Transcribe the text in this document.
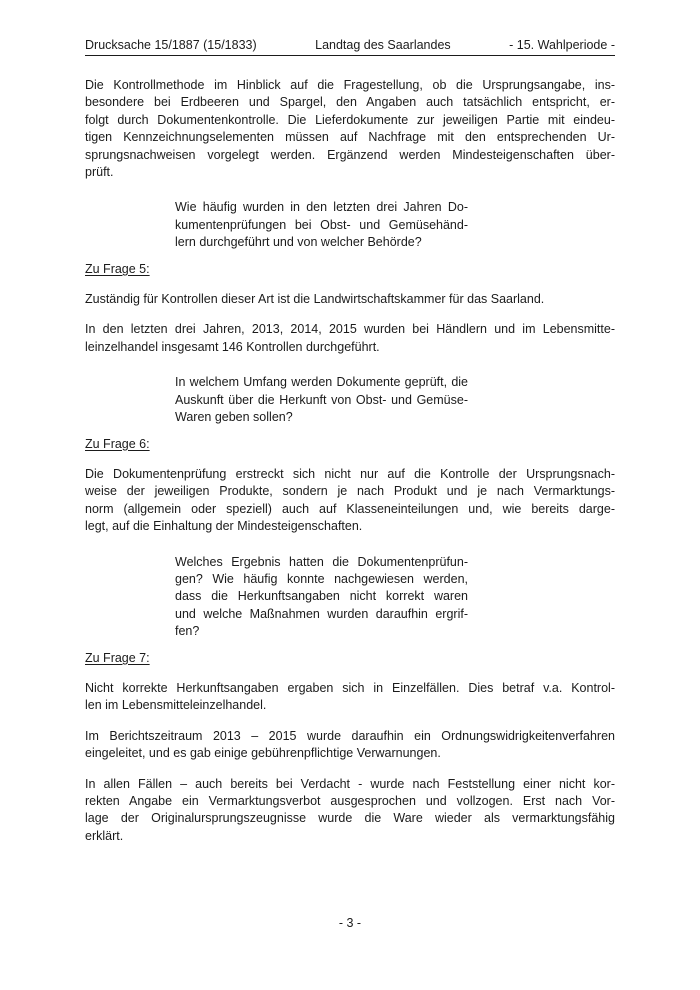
Drucksache 15/1887 (15/1833)	Landtag des Saarlandes	- 15. Wahlperiode -
Die Kontrollmethode im Hinblick auf die Fragestellung, ob die Ursprungsangabe, ins-
besondere bei Erdbeeren und Spargel, den Angaben auch tatsächlich entspricht, er-
folgt durch Dokumentenkontrolle. Die Lieferdokumente zur jeweiligen Partie mit eindeu-
tigen Kennzeichnungselementen müssen auf Nachfrage mit den entsprechenden Ur-
sprungsnachweisen vorgelegt werden. Ergänzend werden Mindesteigenschaften über-
prüft.
Wie häufig wurden in den letzten drei Jahren Do-
kumentenprüfungen bei Obst- und Gemüsehänd-
lern durchgeführt und von welcher Behörde?
Zu Frage 5:
Zuständig für Kontrollen dieser Art ist die Landwirtschaftskammer für das Saarland.
In den letzten drei Jahren, 2013, 2014, 2015 wurden bei Händlern und im Lebensmitte-
leinzelhandel insgesamt 146 Kontrollen durchgeführt.
In welchem Umfang werden Dokumente geprüft, die
Auskunft über die Herkunft von Obst- und Gemüse-
Waren geben sollen?
Zu Frage 6:
Die Dokumentenprüfung erstreckt sich nicht nur auf die Kontrolle der Ursprungsnach-
weise der jeweiligen Produkte, sondern je nach Produkt und je nach Vermarktungs-
norm (allgemein oder speziell) auch auf Klasseneinteilungen und, wie bereits darge-
legt, auf die Einhaltung der Mindesteigenschaften.
Welches Ergebnis hatten die Dokumentenprüfun-
gen? Wie häufig konnte nachgewiesen werden,
dass die Herkunftsangaben nicht korrekt waren
und welche Maßnahmen wurden daraufhin ergrif-
fen?
Zu Frage 7:
Nicht korrekte Herkunftsangaben ergaben sich in Einzelfällen. Dies betraf v.a. Kontrol-
len im Lebensmitteleinzelhandel.
Im Berichtszeitraum 2013 – 2015 wurde daraufhin ein Ordnungswidrigkeitenverfahren
eingeleitet, und es gab einige gebührenpflichtige Verwarnungen.
In allen Fällen – auch bereits bei Verdacht - wurde nach Feststellung einer nicht kor-
rekten Angabe ein Vermarktungsverbot ausgesprochen und vollzogen. Erst nach Vor-
lage der Originalursprungszeugnisse wurde die Ware wieder als vermarktungsfähig
erklärt.
- 3 -
